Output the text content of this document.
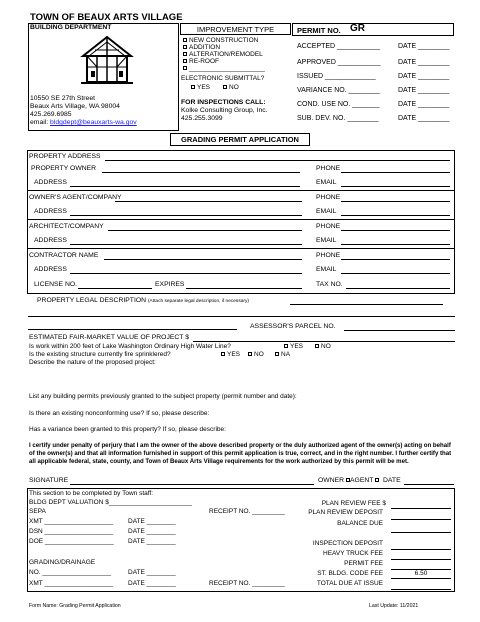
TOWN OF BEAUX ARTS VILLAGE
BUILDING DEPARTMENT
10550 SE 27th Street
Beaux Arts Village, WA 98004
425.269.6985
email: bldgdept@beauxarts-wa.gov
IMPROVEMENT TYPE
NEW CONSTRUCTION
ADDITION
ALTERATION/REMODEL
RE-ROOF
_____________________
ELECTRONIC SUBMITTAL?
YES	NO
FOR INSPECTIONS CALL:
Kolke Consulting Group, Inc.
425.255.3099
PERMIT NO. GR
ACCEPTED ___________	DATE ________
APPROVED ___________ DATE ________
ISSUED _____________	DATE ________
VARIANCE NO. ________	DATE ________
COND. USE NO. _______	DATE ________
SUB. DEV. NO. ________	DATE ________
GRADING PERMIT APPLICATION
PROPERTY ADDRESS
PROPERTY OWNER	PHONE
ADDRESS	EMAIL
OWNER'S AGENT/COMPANY	PHONE
ADDRESS	EMAIL
ARCHITECT/COMPANY	PHONE
ADDRESS	EMAIL
CONTRACTOR NAME	PHONE
ADDRESS	EMAIL
LICENSE NO.	EXPIRES	TAX NO.
PROPERTY LEGAL DESCRIPTION (Attach separate legal description, if necessary)
ASSESSOR'S PARCEL NO.
ESTIMATED FAIR-MARKET VALUE OF PROJECT $
Is work within 200 feet of Lake Washington Ordinary High Water Line?	YES	NO
Is the existing structure currently fire sprinklered?	YES	NO	NA
Describe the nature of the proposed project:
List any building permits previously granted to the subject property (permit number and date):
Is there an existing nonconforming use? If so, please describe:
Has a variance been granted to this property? If so, please describe:
I certify under penalty of perjury that I am the owner of the above described property or the duly authorized agent of the owner(s) acting on behalf of the owner(s) and that all information furnished in support of this permit application is true, correct, and in the right number. I further certify that all applicable federal, state, county, and Town of Beaux Arts Village requirements for the work authorized by this permit will be met.
SIGNATURE	OWNER AGENT	DATE
This section to be completed by Town staff:
BLDG DEPT VALUATION $_______________________
SEPA	RECEIPT NO. _________
XMT ___________________ DATE ________
DSN ___________________ DATE ________
DOE ___________________ DATE ________
GRADING/DRAINAGE
NO. ___________________	DATE ________
XMT ___________________ DATE ________	RECEIPT NO. _________
PLAN REVIEW FEE $
PLAN REVIEW DEPOSIT
BALANCE DUE
INSPECTION DEPOSIT
HEAVY TRUCK FEE
PERMIT FEE
ST. BLDG. CODE FEE	6.50
TOTAL DUE AT ISSUE
Form Name: Grading Permit Application	Last Update: 11/2021
